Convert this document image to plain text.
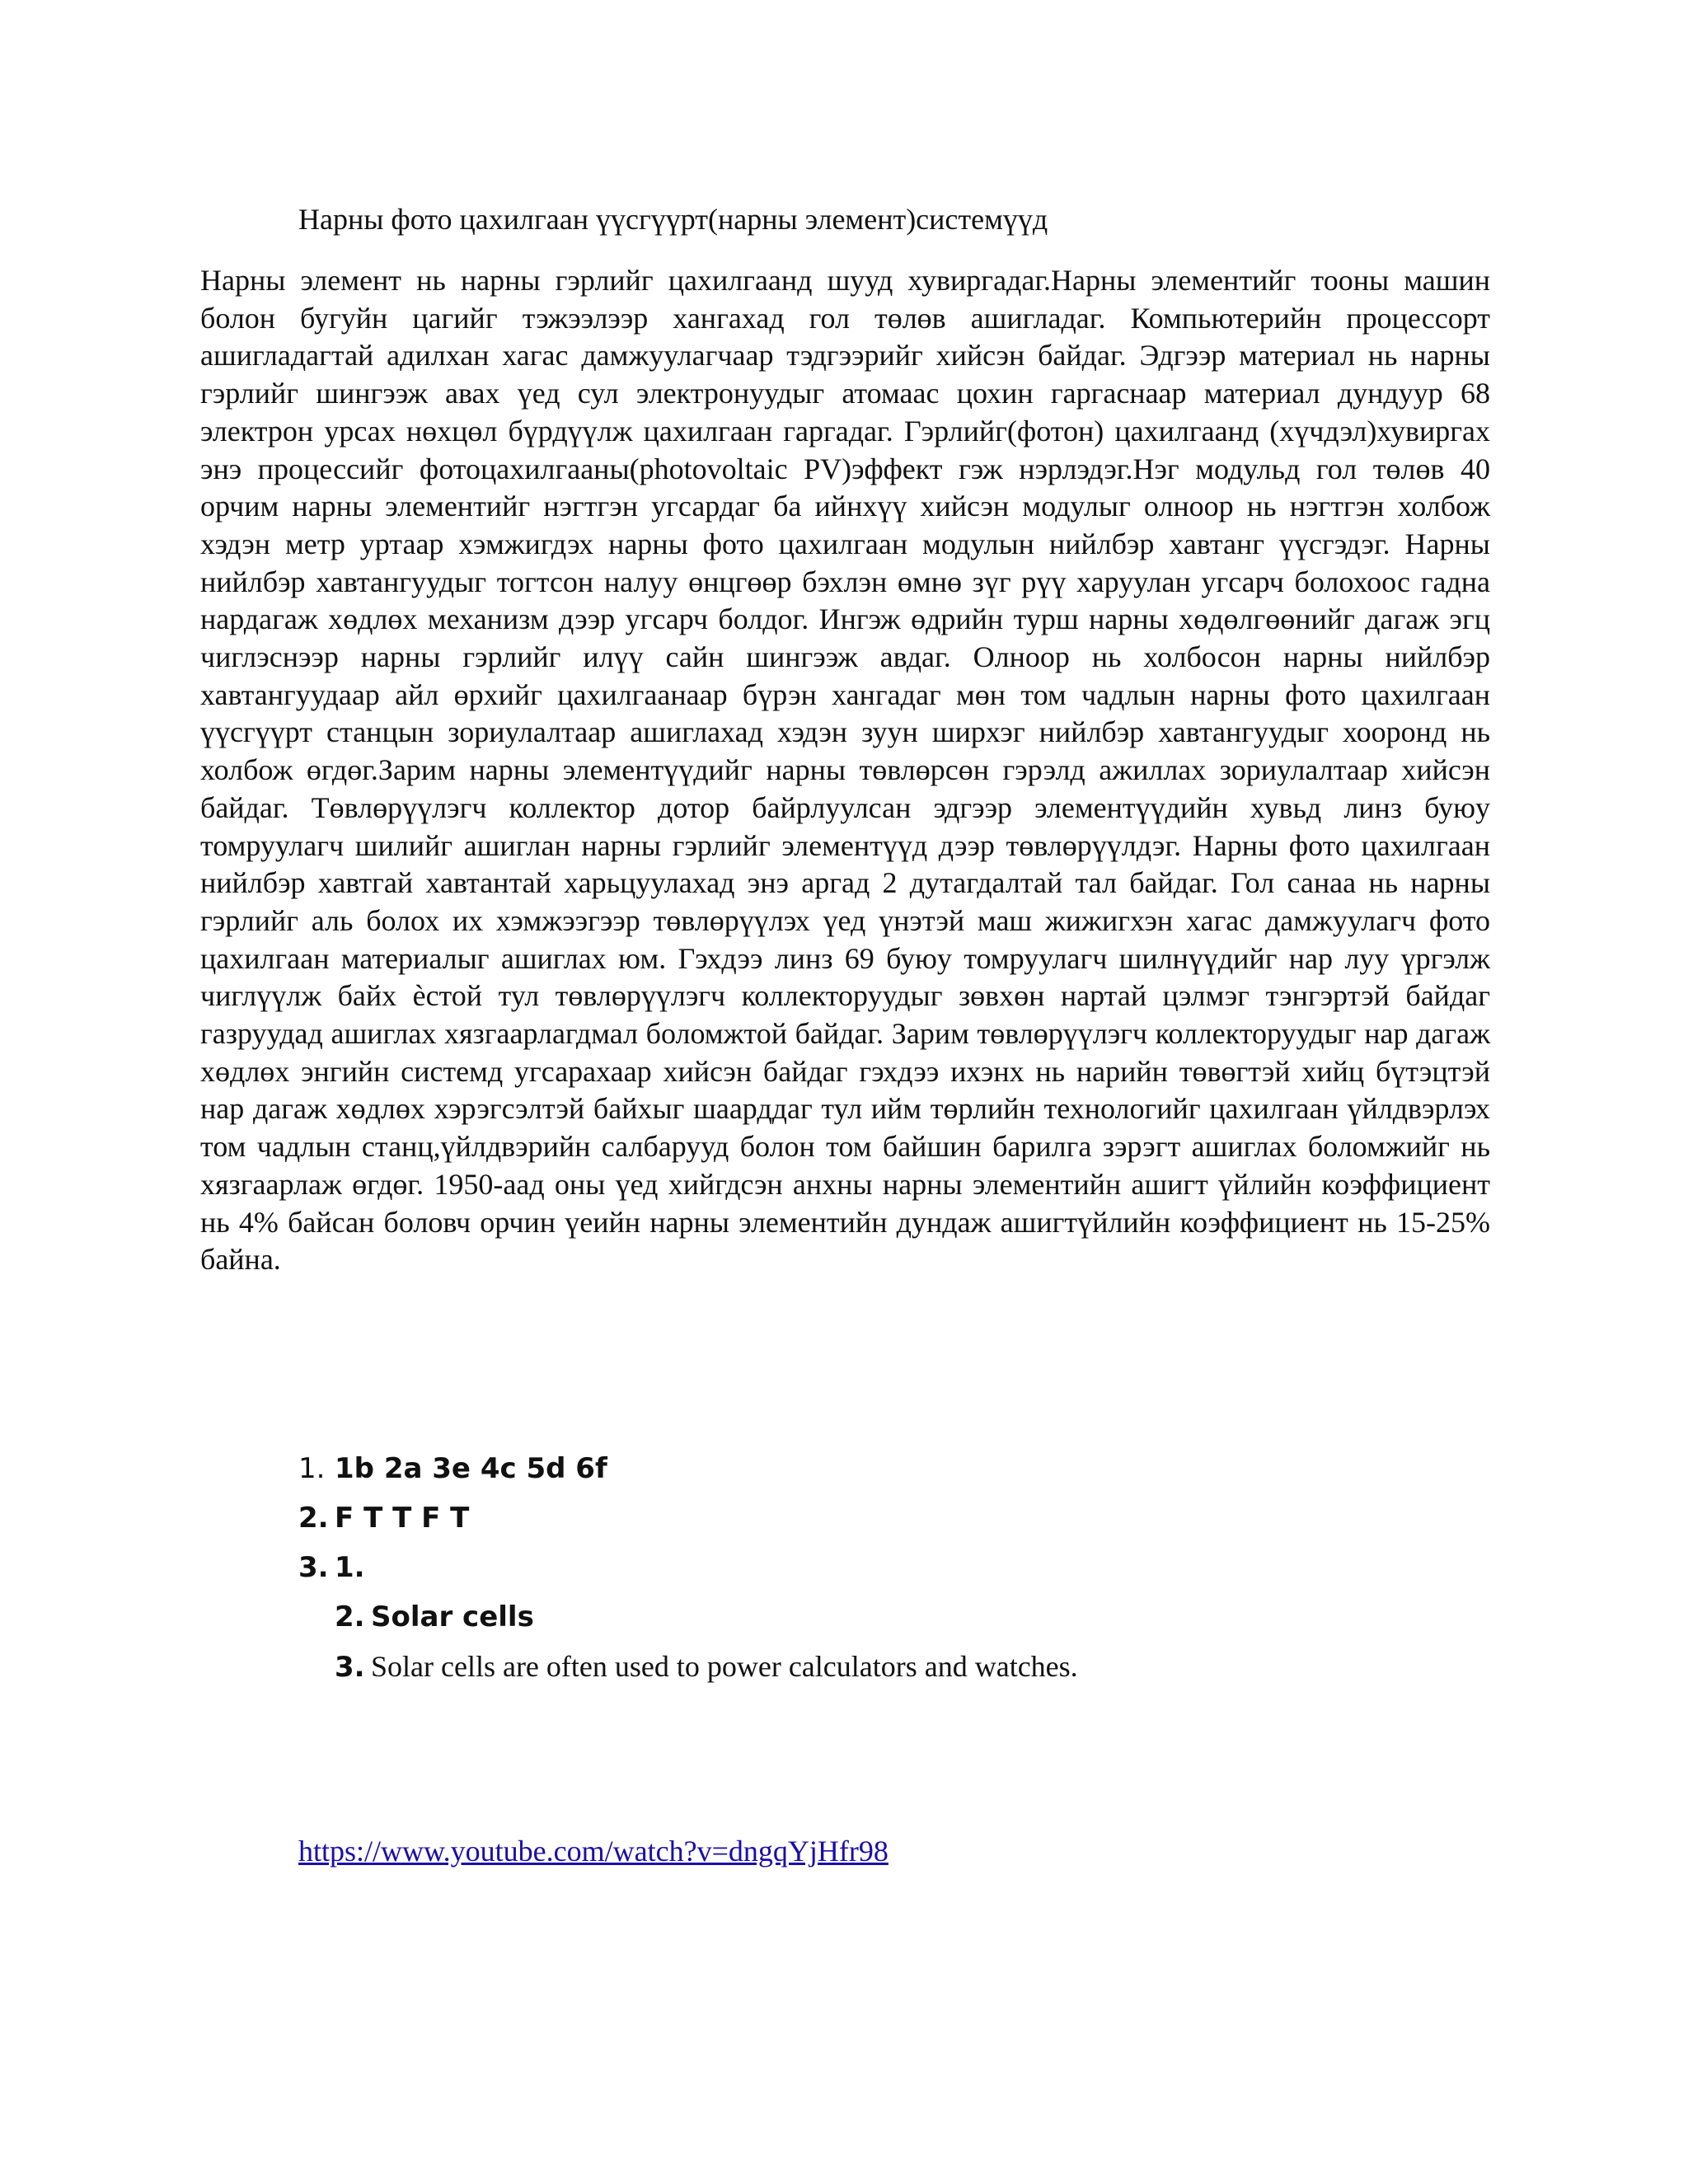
Нарны фото цахилгаан үүсгүүрт(нарны элемент)системүүд

Нарны элемент нь нарны гэрлийг цахилгаанд шууд хувиргадаг.Нарны элементийг тооны машин болон бугуйн цагийг тэжээлээр хангахад гол төлөв ашигладаг. Компьютерийн процессорт ашигладагтай адилхан хагас дамжуулагчаар тэдгээрийг хийсэн байдаг. Эдгээр материал нь нарны гэрлийг шингээж авах үед сул электронуудыг атомаас цохин гаргаснаар материал дундуур 68 электрон урсах нөхцөл бүрдүүлж цахилгаан гаргадаг. Гэрлийг(фотон) цахилгаанд (хүчдэл)хувиргах энэ процессийг фотоцахилгааны(photovoltaic PV)эффект гэж нэрлэдэг.Нэг модульд гол төлөв 40 орчим нарны элементийг нэгтгэн угсардаг ба ийнхүү хийсэн модулыг олноор нь нэгтгэн холбож хэдэн метр уртаар хэмжигдэх нарны фото цахилгаан модулын нийлбэр хавтанг үүсгэдэг. Нарны нийлбэр хавтангуудыг тогтсон налуу өнцгөөр бэхлэн өмнө зүг рүү харуулан угсарч болохоос гадна нардагаж хөдлөх механизм дээр угсарч болдог. Ингэж өдрийн турш нарны хөдөлгөөнийг дагаж эгц чиглэснээр нарны гэрлийг илүү сайн шингээж авдаг. Олноор нь холбосон нарны нийлбэр хавтангуудаар айл өрхийг цахилгаанаар бүрэн хангадаг мөн том чадлын нарны фото цахилгаан үүсгүүрт станцын зориулалтаар ашиглахад хэдэн зуун ширхэг нийлбэр хавтангуудыг хооронд нь холбож өгдөг.Зарим нарны элементүүдийг нарны төвлөрсөн гэрэлд ажиллах зориулалтаар хийсэн байдаг. Төвлөрүүлэгч коллектор дотор байрлуулсан эдгээр элементүүдийн хувьд линз буюу томруулагч шилийг ашиглан нарны гэрлийг элементүүд дээр төвлөрүүлдэг. Нарны фото цахилгаан нийлбэр хавтгай хавтантай харьцуулахад энэ аргад 2 дутагдалтай тал байдаг. Гол санаа нь нарны гэрлийг аль болох их хэмжээгээр төвлөрүүлэх үед үнэтэй маш жижигхэн хагас дамжуулагч фото цахилгаан материалыг ашиглах юм. Гэхдээ линз 69 буюу томруулагч шилнүүдийг нар луу үргэлж чиглүүлж байх ѐстой тул төвлөрүүлэгч коллекторуудыг зөвхөн нартай цэлмэг тэнгэртэй байдаг газруудад ашиглах хязгаарлагдмал боломжтой байдаг. Зарим төвлөрүүлэгч коллекторуудыг нар дагаж хөдлөх энгийн системд угсарахаар хийсэн байдаг гэхдээ ихэнх нь нарийн төвөгтэй хийц бүтэцтэй нар дагаж хөдлөх хэрэгсэлтэй байхыг шаарддаг тул ийм төрлийн технологийг цахилгаан үйлдвэрлэх том чадлын станц,үйлдвэрийн салбарууд болон том байшин барилга зэрэгт ашиглах боломжийг нь хязгаарлаж өгдөг. 1950-аад оны үед хийгдсэн анхны нарны элементийн ашигт үйлийн коэффициент нь 4% байсан боловч орчин үеийн нарны элементийн дундаж ашигтүйлийн коэффициент нь 15-25% байна.

1. 1b 2a 3e 4c 5d 6f
2. F T T F T
3. 1.
2. Solar cells
3. Solar cells are often used to power calculators and watches.
https://www.youtube.com/watch?v=dngqYjHfr98
